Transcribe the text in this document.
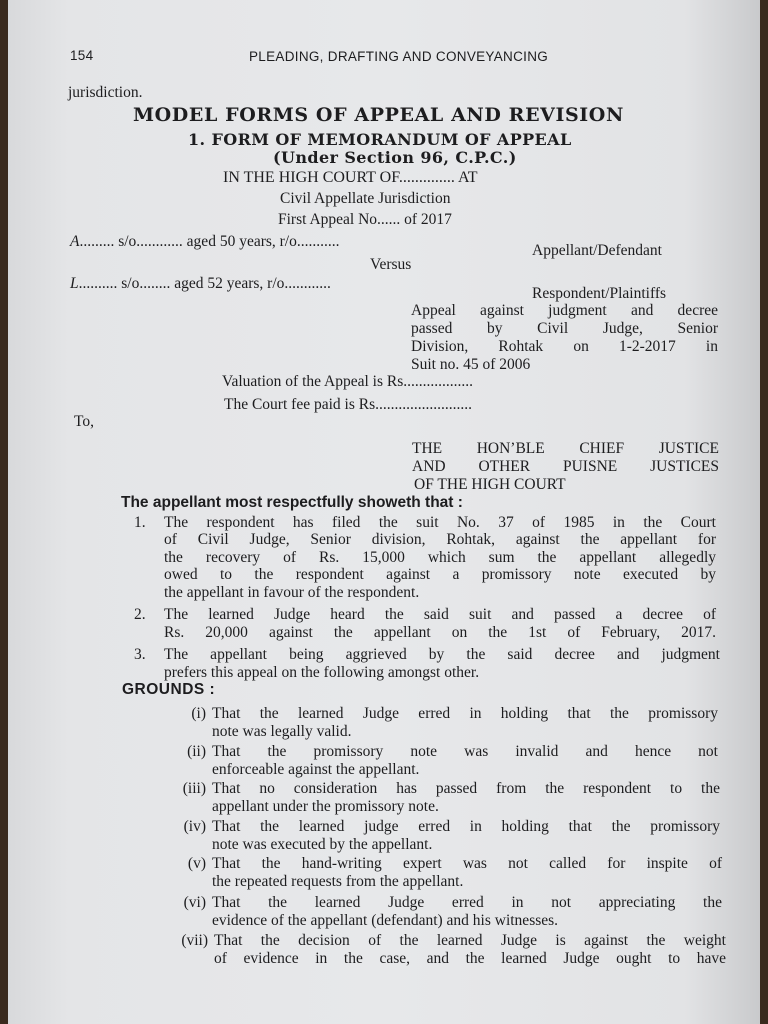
154	PLEADING, DRAFTING AND CONVEYANCING
jurisdiction.
MODEL FORMS OF APPEAL AND REVISION
1. FORM OF MEMORANDUM OF APPEAL
(Under Section 96, C.P.C.)
IN THE HIGH COURT OF.............. AT
Civil Appellate Jurisdiction
First Appeal No...... of 2017
A......... s/o............ aged 50 years, r/o...........
Appellant/Defendant
Versus
L.......... s/o........ aged 52 years, r/o............
Respondent/Plaintiffs
Appeal against judgment and decree
passed by Civil Judge, Senior
Division, Rohtak on 1-2-2017 in
Suit no. 45 of 2006
Valuation of the Appeal is Rs..................
The Court fee paid is Rs.........................
To,
THE HON’BLE CHIEF JUSTICE
AND OTHER PUISNE JUSTICES
OF THE HIGH COURT
The appellant most respectfully showeth that :
1. The respondent has filed the suit No. 37 of 1985 in the Court
of Civil Judge, Senior division, Rohtak, against the appellant for
the recovery of Rs. 15,000 which sum the appellant allegedly
owed to the respondent against a promissory note executed by
the appellant in favour of the respondent.
2. The learned Judge heard the said suit and passed a decree of
Rs. 20,000 against the appellant on the 1st of February, 2017.
3. The appellant being aggrieved by the said decree and judgment
prefers this appeal on the following amongst other.
GROUNDS :
(i) That the learned Judge erred in holding that the promissory
note was legally valid.
(ii) That the promissory note was invalid and hence not
enforceable against the appellant.
(iii) That no consideration has passed from the respondent to the
appellant under the promissory note.
(iv) That the learned judge erred in holding that the promissory
note was executed by the appellant.
(v) That the hand-writing expert was not called for inspite of
the repeated requests from the appellant.
(vi) That the learned Judge erred in not appreciating the
evidence of the appellant (defendant) and his witnesses.
(vii) That the decision of the learned Judge is against the weight
of evidence in the case, and the learned Judge ought to have
